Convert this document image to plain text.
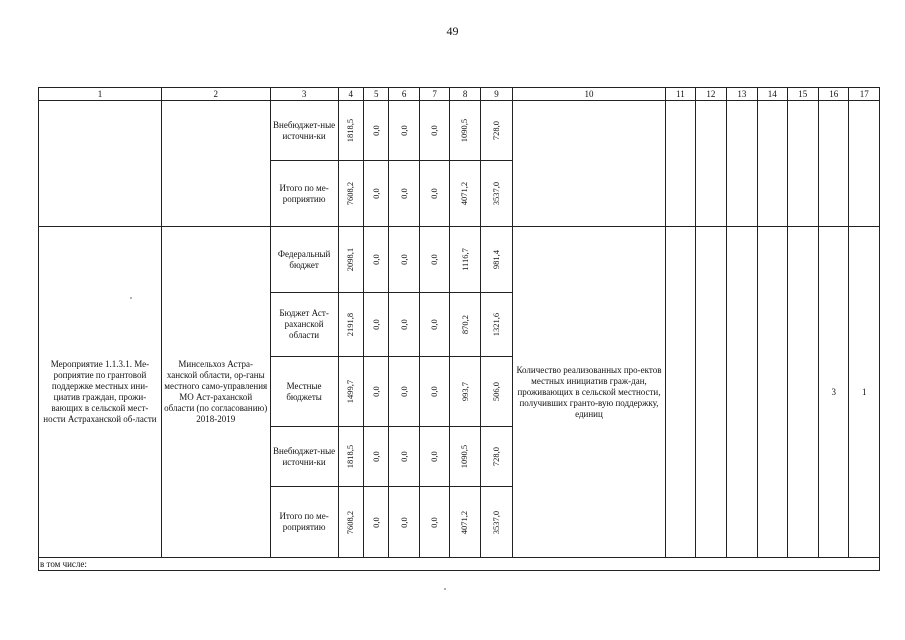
49
1	2	3	4	5	6	7	8	9	10	11	12	13	14	15	16	17
		Внебюджет-ные источни-ки	1818,5	0,0	0,0	0,0	1090,5	728,0								
		Итого по ме-роприятию	7608,2	0,0	0,0	0,0	4071,2	3537,0								
Мероприятие 1.1.3.1. Ме-роприятие по грантовой поддержке местных ини-циатив граждан, прожи-вающих в сельской мест-ности Астраханской об-ласти	Минсельхоз Астра-ханской области, ор-ганы местного само-управления МО Аст-раханской области (по согласованию) 2018-2019	Федеральный бюджет	2098,1	0,0	0,0	0,0	1116,7	981,4	Количество реализованных про-ектов местных инициатив граж-дан, проживающих в сельской местности, получивших гранто-вую поддержку, единиц						3	1
		Бюджет Аст-раханской области	2191,8	0,0	0,0	0,0	870,2	1321,6								
		Местные бюджеты	1499,7	0,0	0,0	0,0	993,7	506,0								
		Внебюджет-ные источни-ки	1818,5	0,0	0,0	0,0	1090,5	728,0								
		Итого по ме-роприятию	7608,2	0,0	0,0	0,0	4071,2	3537,0								
в том числе:																
